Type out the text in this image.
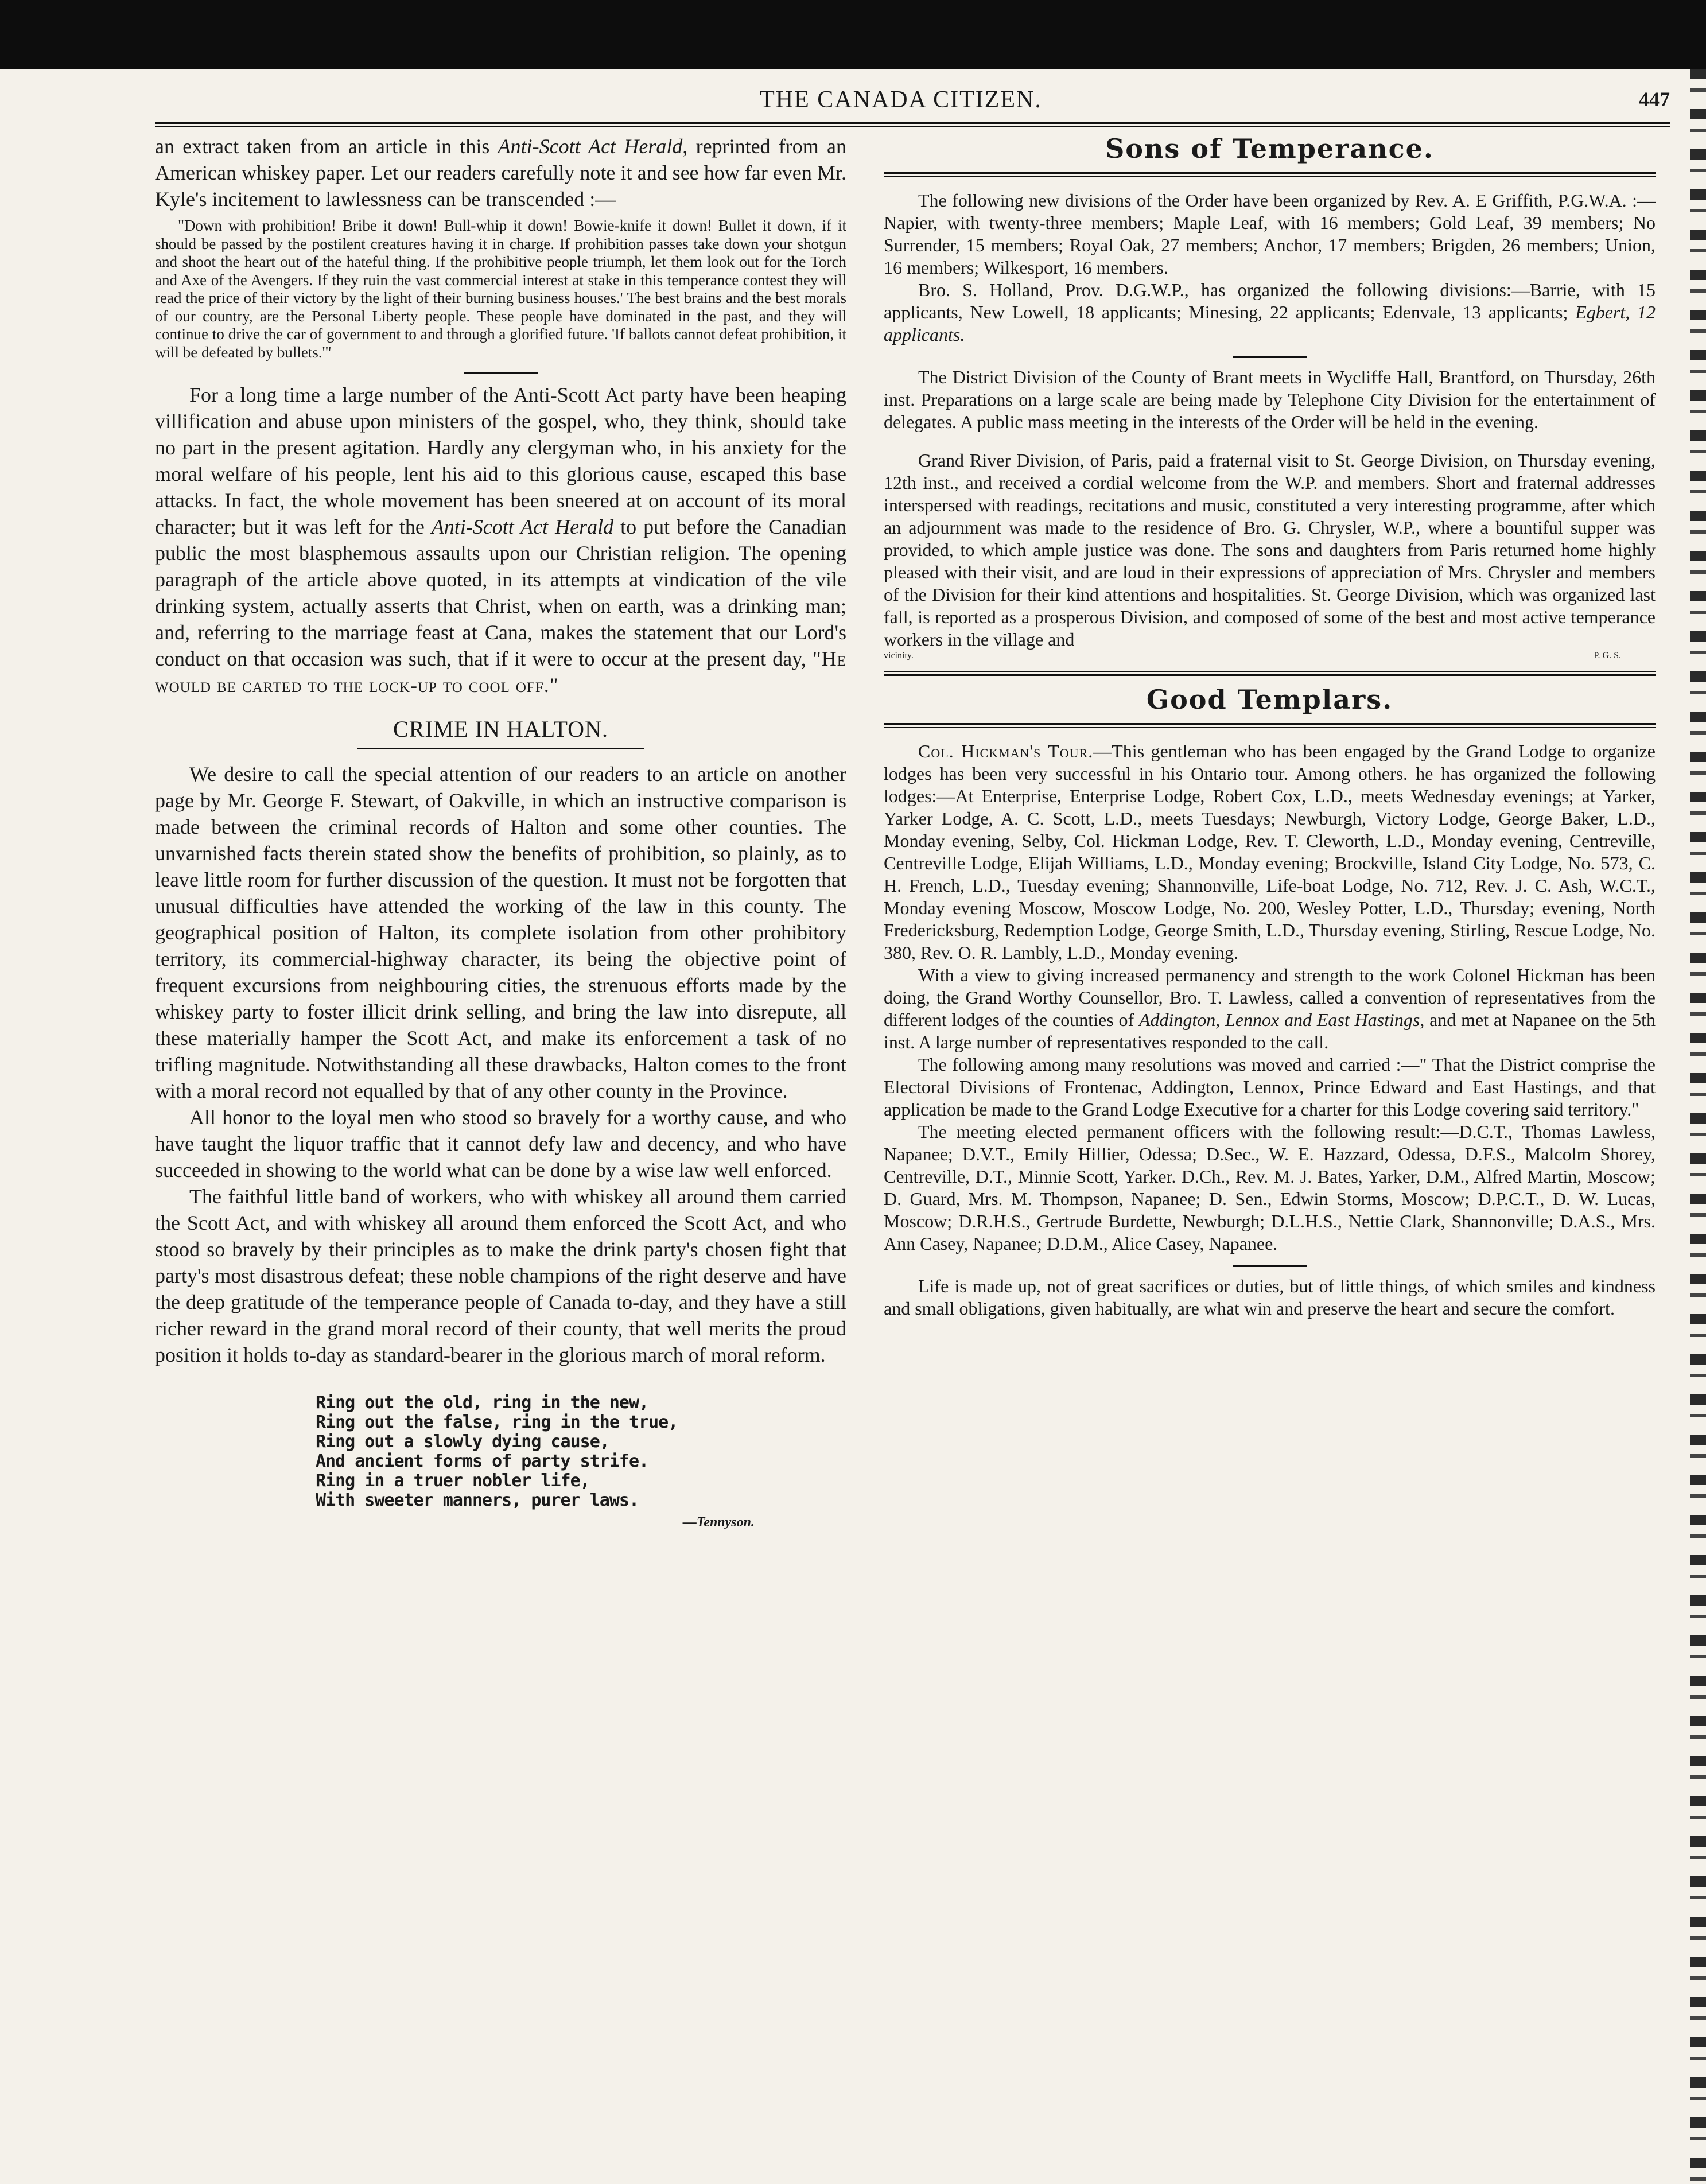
THE CANADA CITIZEN.	447

an extract taken from an article in this Anti-Scott Act Herald, reprinted from an American whiskey paper. Let our readers carefully note it and see how far even Mr. Kyle's incitement to lawlessness can be transcended :—

"Down with prohibition! Bribe it down! Bull-whip it down! Bowie-knife it down! Bullet it down, if it should be passed by the postilent creatures having it in charge. If prohibition passes take down your shotgun and shoot the heart out of the hateful thing. If the prohibitive people triumph, let them look out for the Torch and Axe of the Avengers. If they ruin the vast commercial interest at stake in this temperance contest they will read the price of their victory by the light of their burning business houses.' The best brains and the best morals of our country, are the Personal Liberty people. These people have dominated in the past, and they will continue to drive the car of government to and through a glorified future. 'If ballots cannot defeat prohibition, it will be defeated by bullets.'"

For a long time a large number of the Anti-Scott Act party have been heaping villification and abuse upon ministers of the gospel, who, they think, should take no part in the present agitation. Hardly any clergyman who, in his anxiety for the moral welfare of his people, lent his aid to this glorious cause, escaped this base attacks. In fact, the whole movement has been sneered at on account of its moral character; but it was left for the Anti-Scott Act Herald to put before the Canadian public the most blasphemous assaults upon our Christian religion. The opening paragraph of the article above quoted, in its attempts at vindication of the vile drinking system, actually asserts that Christ, when on earth, was a drinking man; and, referring to the marriage feast at Cana, makes the statement that our Lord's conduct on that occasion was such, that if it were to occur at the present day, "He would be carted to the lock-up to cool off."

CRIME IN HALTON.

We desire to call the special attention of our readers to an article on another page by Mr. George F. Stewart, of Oakville, in which an instructive comparison is made between the criminal records of Halton and some other counties. The unvarnished facts therein stated show the benefits of prohibition, so plainly, as to leave little room for further discussion of the question. It must not be forgotten that unusual difficulties have attended the working of the law in this county. The geographical position of Halton, its complete isolation from other prohibitory territory, its commercial-highway character, its being the objective point of frequent excursions from neighbouring cities, the strenuous efforts made by the whiskey party to foster illicit drink selling, and bring the law into disrepute, all these materially hamper the Scott Act, and make its enforcement a task of no trifling magnitude. Notwithstanding all these drawbacks, Halton comes to the front with a moral record not equalled by that of any other county in the Province.

All honor to the loyal men who stood so bravely for a worthy cause, and who have taught the liquor traffic that it cannot defy law and decency, and who have succeeded in showing to the world what can be done by a wise law well enforced.

The faithful little band of workers, who with whiskey all around them carried the Scott Act, and with whiskey all around them enforced the Scott Act, and who stood so bravely by their principles as to make the drink party's chosen fight that party's most disastrous defeat; these noble champions of the right deserve and have the deep gratitude of the temperance people of Canada to-day, and they have a still richer reward in the grand moral record of their county, that well merits the proud position it holds to-day as standard-bearer in the glorious march of moral reform.

Ring out the old, ring in the new,
Ring out the false, ring in the true,
Ring out a slowly dying cause,
And ancient forms of party strife.
Ring in a truer nobler life,
With sweeter manners, purer laws.
—Tennyson.
Sons of Temperance.

The following new divisions of the Order have been organized by Rev. A. E Griffith, P.G.W.A. :—Napier, with twenty-three members; Maple Leaf, with 16 members; Gold Leaf, 39 members; No Surrender, 15 members; Royal Oak, 27 members; Anchor, 17 members; Brigden, 26 members; Union, 16 members; Wilkesport, 16 members.

Bro. S. Holland, Prov. D.G.W.P., has organized the following divisions:—Barrie, with 15 applicants, New Lowell, 18 applicants; Minesing, 22 applicants; Edenvale, 13 applicants; Egbert, 12 applicants.

The District Division of the County of Brant meets in Wycliffe Hall, Brantford, on Thursday, 26th inst. Preparations on a large scale are being made by Telephone City Division for the entertainment of delegates. A public mass meeting in the interests of the Order will be held in the evening.

Grand River Division, of Paris, paid a fraternal visit to St. George Division, on Thursday evening, 12th inst., and received a cordial welcome from the W.P. and members. Short and fraternal addresses interspersed with readings, recitations and music, constituted a very interesting programme, after which an adjournment was made to the residence of Bro. G. Chrysler, W.P., where a bountiful supper was provided, to which ample justice was done. The sons and daughters from Paris returned home highly pleased with their visit, and are loud in their expressions of appreciation of Mrs. Chrysler and members of the Division for their kind attentions and hospitalities. St. George Division, which was organized last fall, is reported as a prosperous Division, and composed of some of the best and most active temperance workers in the village and

vicinity.	P. G. S.
Good Templars.

Col. Hickman's Tour.—This gentleman who has been engaged by the Grand Lodge to organize lodges has been very successful in his Ontario tour. Among others. he has organized the following lodges:—At Enterprise, Enterprise Lodge, Robert Cox, L.D., meets Wednesday evenings; at Yarker, Yarker Lodge, A. C. Scott, L.D., meets Tuesdays; Newburgh, Victory Lodge, George Baker, L.D., Monday evening, Selby, Col. Hickman Lodge, Rev. T. Cleworth, L.D., Monday evening, Centreville, Centreville Lodge, Elijah Williams, L.D., Monday evening; Brockville, Island City Lodge, No. 573, C. H. French, L.D., Tuesday evening; Shannonville, Life-boat Lodge, No. 712, Rev. J. C. Ash, W.C.T., Monday evening Moscow, Moscow Lodge, No. 200, Wesley Potter, L.D., Thursday; evening, North Fredericksburg, Redemption Lodge, George Smith, L.D., Thursday evening, Stirling, Rescue Lodge, No. 380, Rev. O. R. Lambly, L.D., Monday evening.

With a view to giving increased permanency and strength to the work Colonel Hickman has been doing, the Grand Worthy Counsellor, Bro. T. Lawless, called a convention of representatives from the different lodges of the counties of Addington, Lennox and East Hastings, and met at Napanee on the 5th inst. A large number of representatives responded to the call.

The following among many resolutions was moved and carried :—" That the District comprise the Electoral Divisions of Frontenac, Addington, Lennox, Prince Edward and East Hastings, and that application be made to the Grand Lodge Executive for a charter for this Lodge covering said territory."

The meeting elected permanent officers with the following result:—D.C.T., Thomas Lawless, Napanee; D.V.T., Emily Hillier, Odessa; D.Sec., W. E. Hazzard, Odessa, D.F.S., Malcolm Shorey, Centreville, D.T., Minnie Scott, Yarker. D.Ch., Rev. M. J. Bates, Yarker, D.M., Alfred Martin, Moscow; D. Guard, Mrs. M. Thompson, Napanee; D. Sen., Edwin Storms, Moscow; D.P.C.T., D. W. Lucas, Moscow; D.R.H.S., Gertrude Burdette, Newburgh; D.L.H.S., Nettie Clark, Shannonville; D.A.S., Mrs. Ann Casey, Napanee; D.D.M., Alice Casey, Napanee.

Life is made up, not of great sacrifices or duties, but of little things, of which smiles and kindness and small obligations, given habitually, are what win and preserve the heart and secure the comfort.
